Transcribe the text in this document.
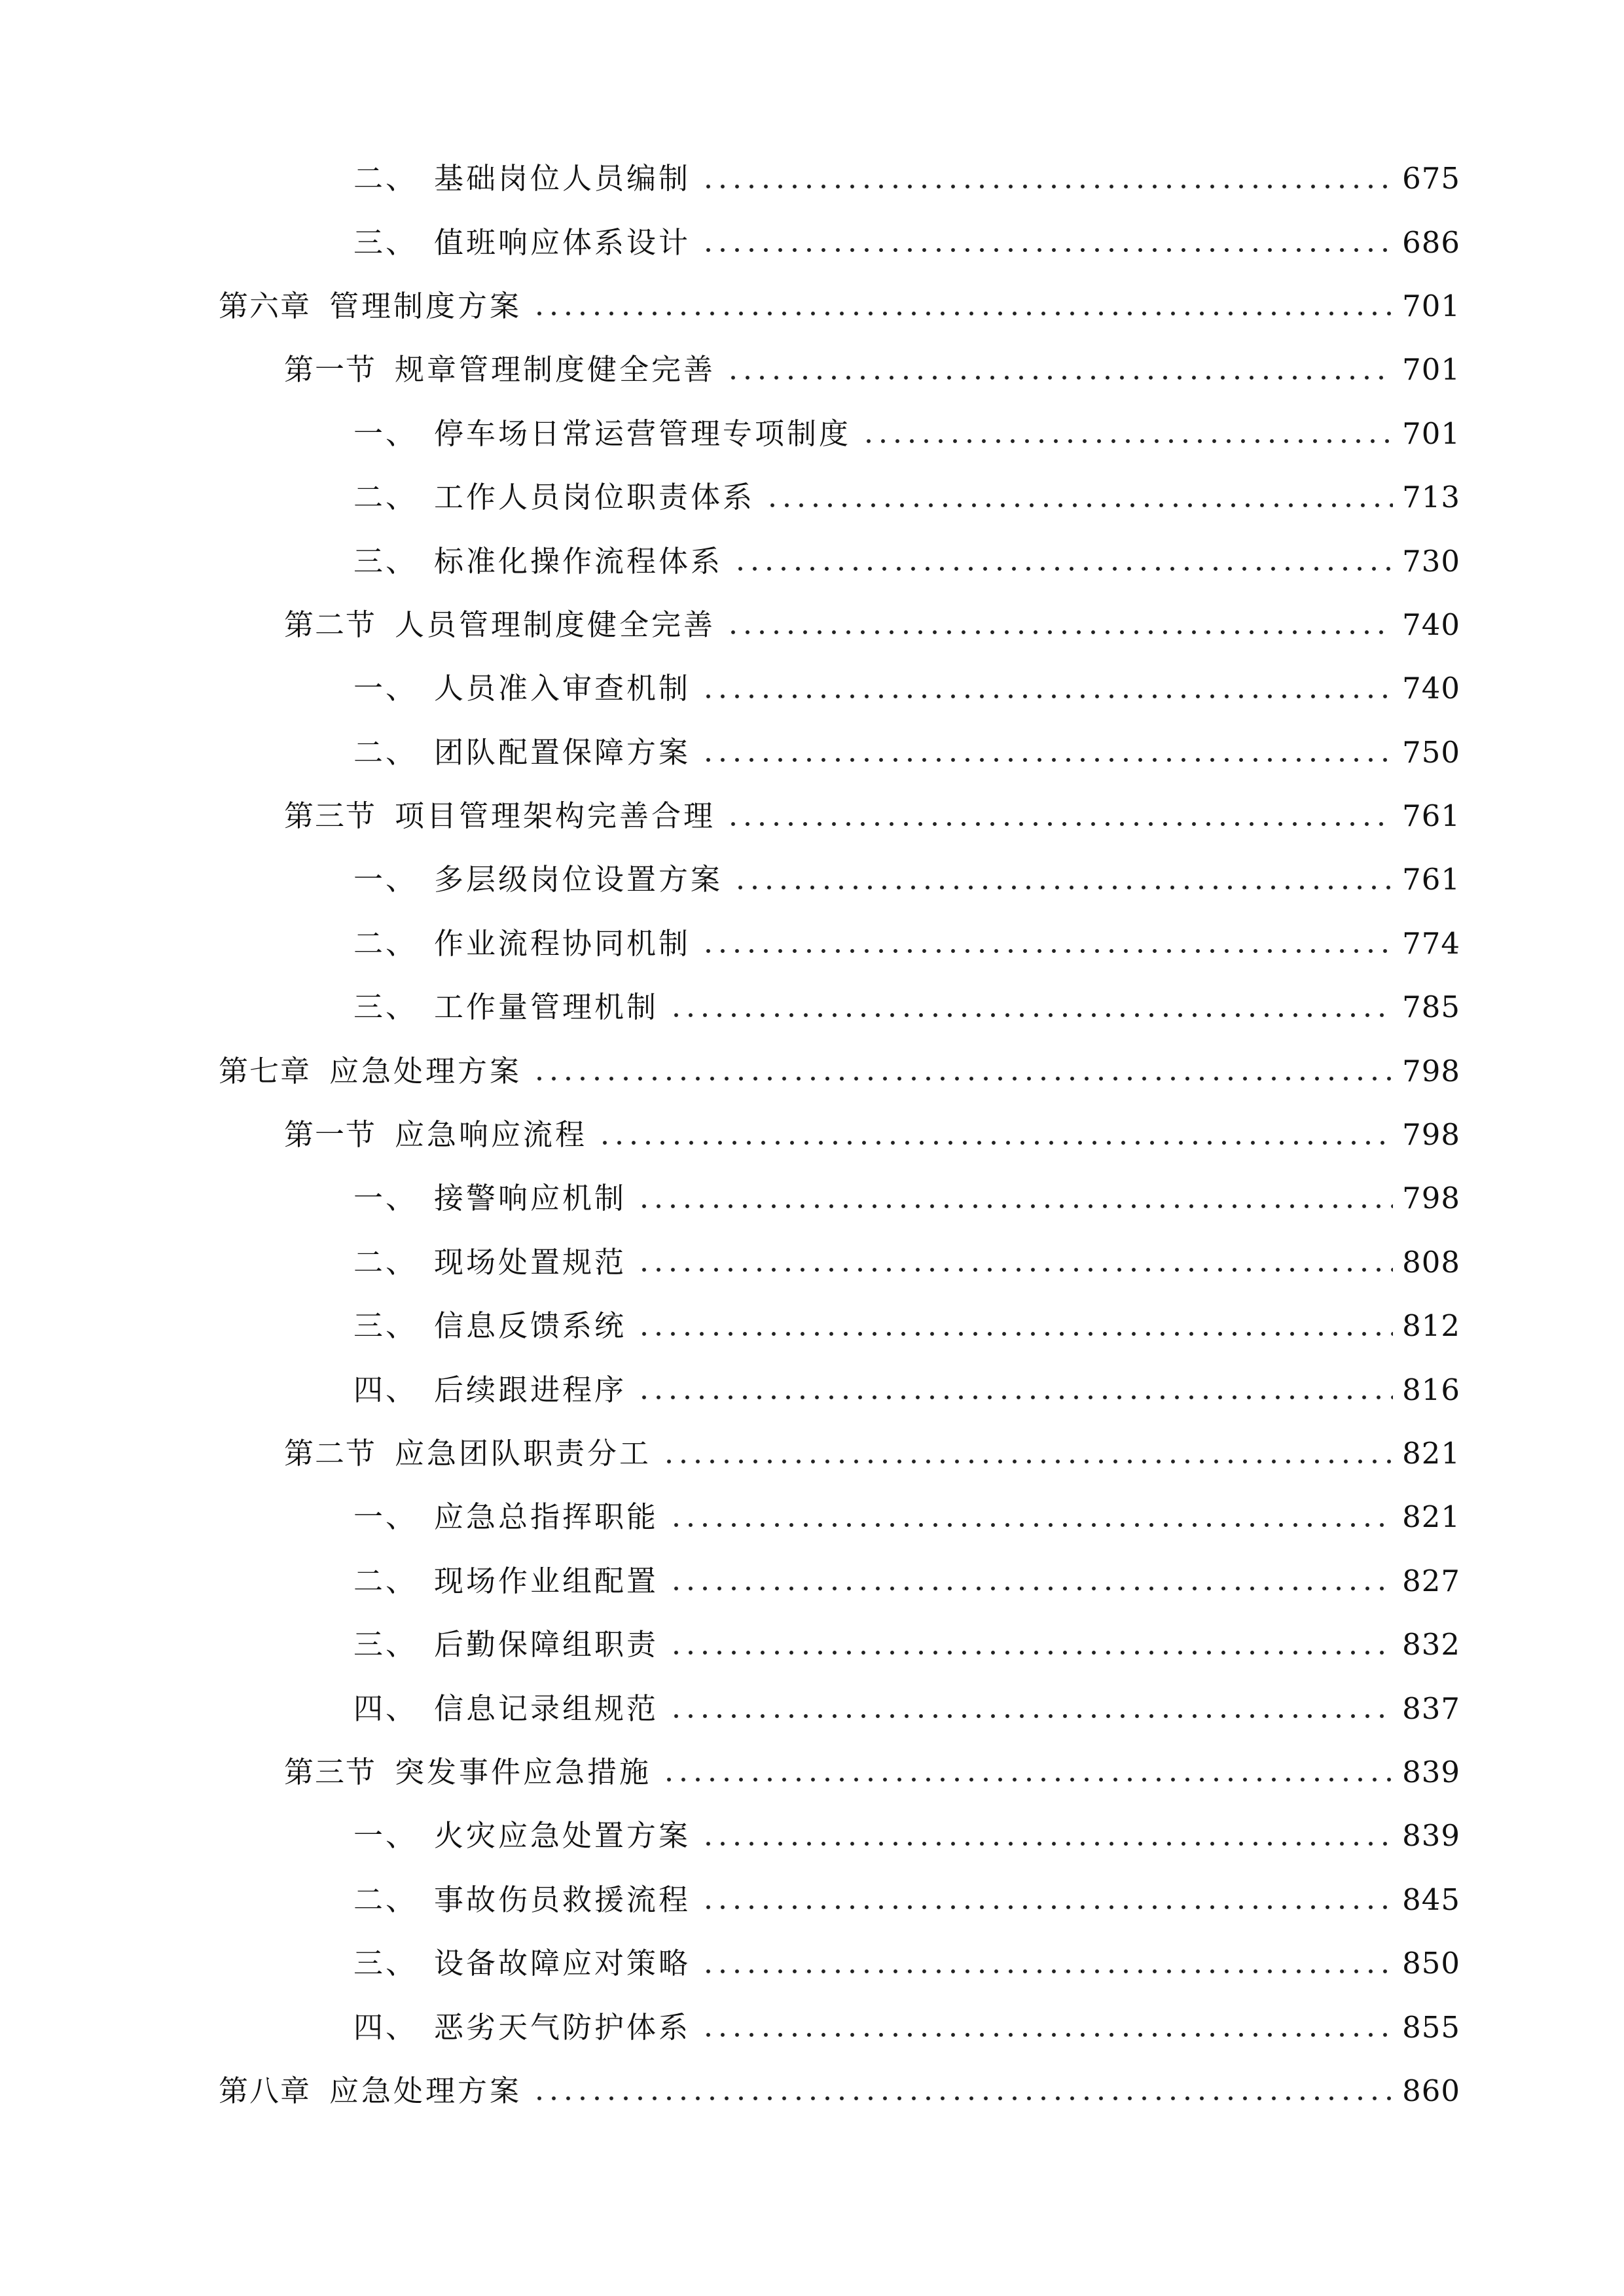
二、 基础岗位人员编制	675
三、 值班响应体系设计	686
第六章 管理制度方案	701
第一节 规章管理制度健全完善	701
一、 停车场日常运营管理专项制度	701
二、 工作人员岗位职责体系	713
三、 标准化操作流程体系	730
第二节 人员管理制度健全完善	740
一、 人员准入审查机制	740
二、 团队配置保障方案	750
第三节 项目管理架构完善合理	761
一、 多层级岗位设置方案	761
二、 作业流程协同机制	774
三、 工作量管理机制	785
第七章 应急处理方案	798
第一节 应急响应流程	798
一、 接警响应机制	798
二、 现场处置规范	808
三、 信息反馈系统	812
四、 后续跟进程序	816
第二节 应急团队职责分工	821
一、 应急总指挥职能	821
二、 现场作业组配置	827
三、 后勤保障组职责	832
四、 信息记录组规范	837
第三节 突发事件应急措施	839
一、 火灾应急处置方案	839
二、 事故伤员救援流程	845
三、 设备故障应对策略	850
四、 恶劣天气防护体系	855
第八章 应急处理方案	860
